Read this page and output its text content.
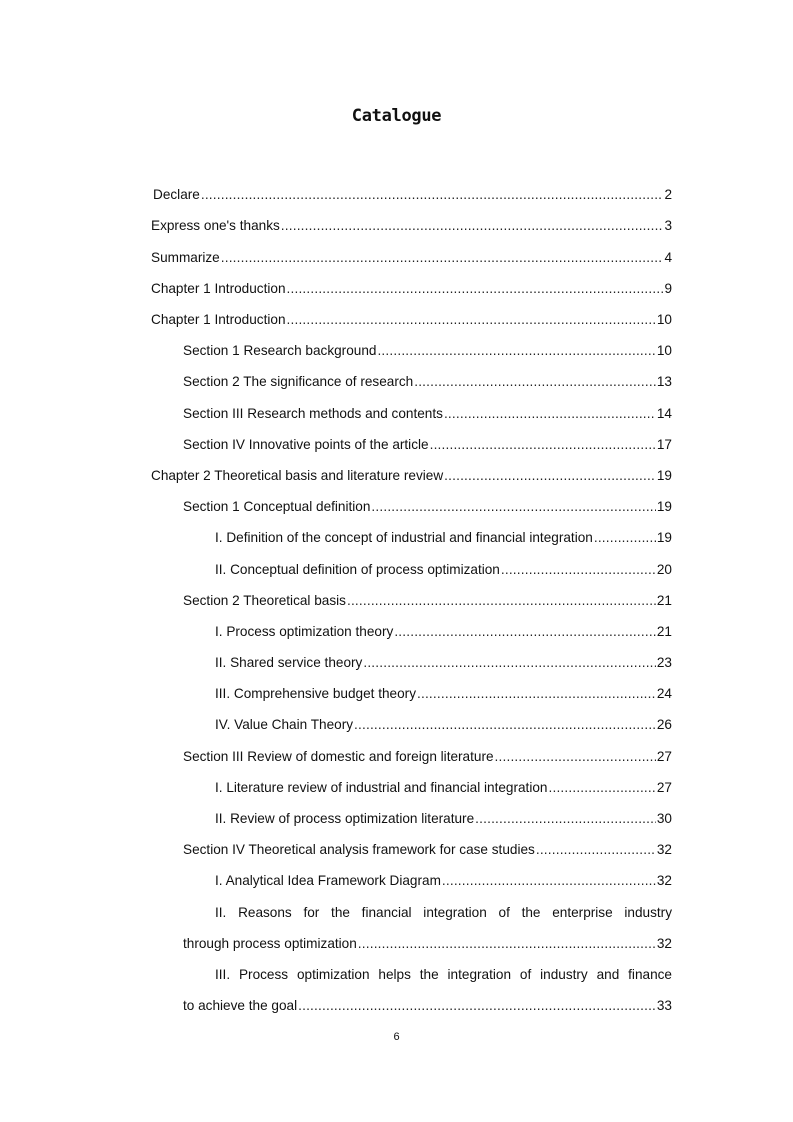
Catalogue
Declare .....	2
Express one's thanks .....	3
Summarize .....	4
Chapter 1 Introduction .....	9
Chapter 1 Introduction .....	10
Section 1 Research background .....	10
Section 2 The significance of research .....	13
Section III Research methods and contents .....	14
Section IV Innovative points of the article .....	17
Chapter 2 Theoretical basis and literature review .....	19
Section 1 Conceptual definition .....	19
I. Definition of the concept of industrial and financial integration .....	19
II. Conceptual definition of process optimization .....	20
Section 2 Theoretical basis .....	21
I. Process optimization theory .....	21
II. Shared service theory .....	23
III. Comprehensive budget theory .....	24
IV. Value Chain Theory .....	26
Section III Review of domestic and foreign literature .....	27
I. Literature review of industrial and financial integration .....	27
II. Review of process optimization literature .....	30
Section IV Theoretical analysis framework for case studies .....	32
I. Analytical Idea Framework Diagram .....	32
II. Reasons for the financial integration of the enterprise industry
through process optimization .....	32
III. Process optimization helps the integration of industry and finance
to achieve the goal .....	33
6
